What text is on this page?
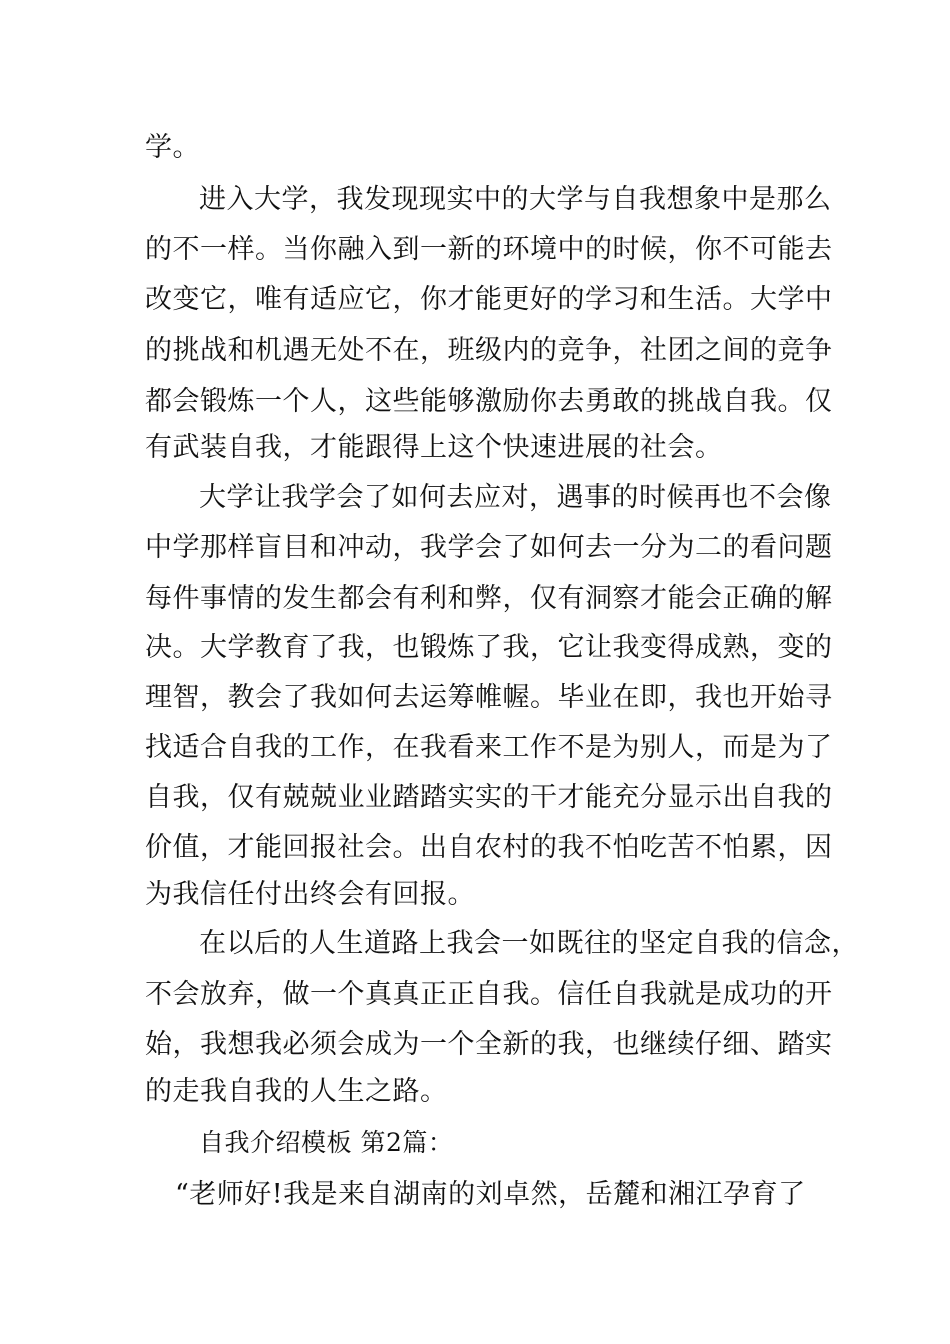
学。
进入大学，我发现现实中的大学与自我想象中是那么
的不一样。当你融入到一新的环境中的时候，你不可能去
改变它，唯有适应它，你才能更好的学习和生活。大学中
的挑战和机遇无处不在，班级内的竞争，社团之间的竞争
都会锻炼一个人，这些能够激励你去勇敢的挑战自我。仅
有武装自我，才能跟得上这个快速进展的社会。
大学让我学会了如何去应对，遇事的时候再也不会像
中学那样盲目和冲动，我学会了如何去一分为二的看问题
每件事情的发生都会有利和弊，仅有洞察才能会正确的解
决。大学教育了我，也锻炼了我，它让我变得成熟，变的
理智，教会了我如何去运筹帷幄。毕业在即，我也开始寻
找适合自我的工作，在我看来工作不是为别人，而是为了
自我，仅有兢兢业业踏踏实实的干才能充分显示出自我的
价值，才能回报社会。出自农村的我不怕吃苦不怕累，因
为我信任付出终会有回报。
在以后的人生道路上我会一如既往的坚定自我的信念，
不会放弃，做一个真真正正自我。信任自我就是成功的开
始，我想我必须会成为一个全新的我，也继续仔细、踏实
的走我自我的人生之路。
自我介绍模板 第2篇：
“老师好!我是来自湖南的刘卓然，岳麓和湘江孕育了
